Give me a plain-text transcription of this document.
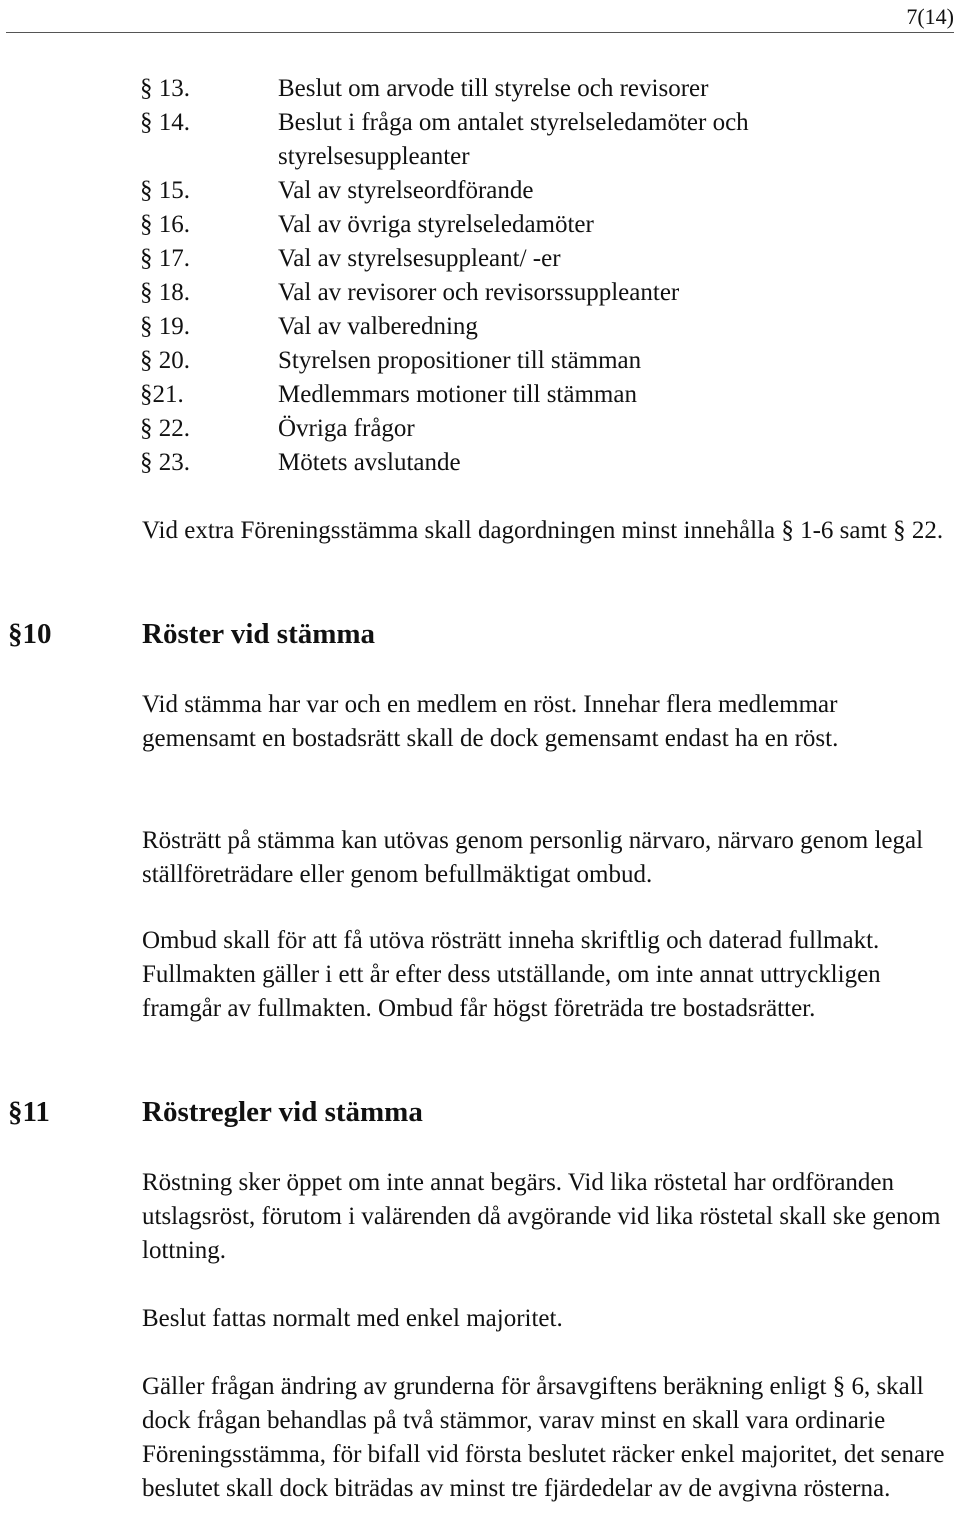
7(14)
§ 13.	Beslut om arvode till styrelse och revisorer
§ 14.	Beslut i fråga om antalet styrelseledamöter och styrelsesuppleanter
§ 15.	Val av styrelseordförande
§ 16.	Val av övriga styrelseledamöter
§ 17.	Val av styrelsesuppleant/ -er
§ 18.	Val av revisorer och revisorssuppleanter
§ 19.	Val av valberedning
§ 20.	Styrelsen propositioner till stämman
§21.	Medlemmars motioner till stämman
§ 22.	Övriga frågor
§ 23.	Mötets avslutande

Vid extra Föreningsstämma skall dagordningen minst innehålla § 1-6 samt § 22.

§10	Röster vid stämma

Vid stämma har var och en medlem en röst. Innehar flera medlemmar gemensamt en bostadsrätt skall de dock gemensamt endast ha en röst.

Rösträtt på stämma kan utövas genom personlig närvaro, närvaro genom legal ställföreträdare eller genom befullmäktigat ombud.

Ombud skall för att få utöva rösträtt inneha skriftlig och daterad fullmakt. Fullmakten gäller i ett år efter dess utställande, om inte annat uttryckligen framgår av fullmakten. Ombud får högst företräda tre bostadsrätter.

§11	Röstregler vid stämma

Röstning sker öppet om inte annat begärs. Vid lika röstetal har ordföranden utslagsröst, förutom i valärenden då avgörande vid lika röstetal skall ske genom lottning.

Beslut fattas normalt med enkel majoritet.

Gäller frågan ändring av grunderna för årsavgiftens beräkning enligt § 6, skall dock frågan behandlas på två stämmor, varav minst en skall vara ordinarie Föreningsstämma, för bifall vid första beslutet räcker enkel majoritet, det senare beslutet skall dock biträdas av minst tre fjärdedelar av de avgivna rösterna.
